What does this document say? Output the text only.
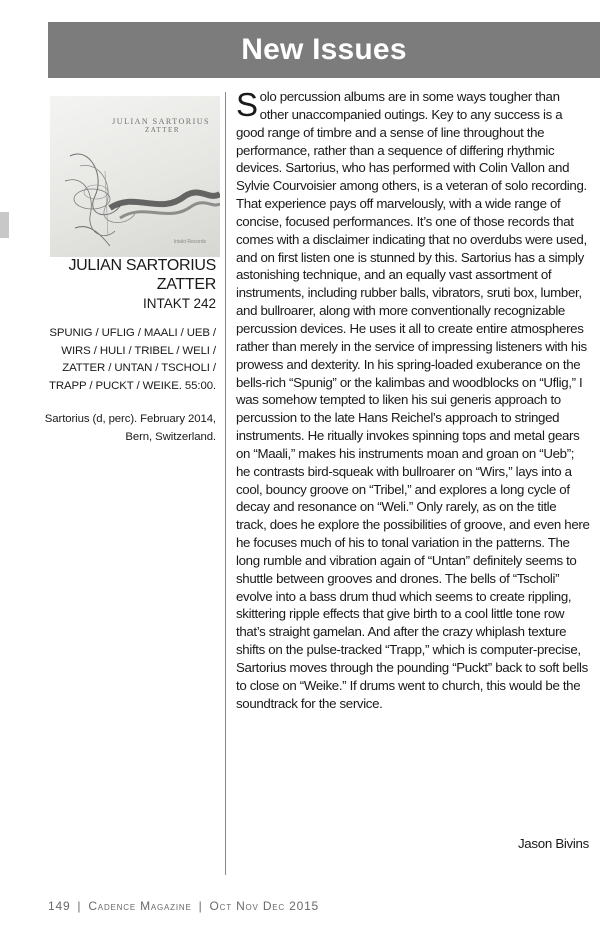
New Issues
JULIAN SARTORIUS
ZATTER
Intakt Records
JULIAN SARTORIUS
ZATTER
INTAKT 242
SPUNIG / UFLIG / MAALI / UEB / WIRS / HULI / TRIBEL / WELI / ZATTER / UNTAN / TSCHOLI / TRAPP / PUCKT / WEIKE. 55:00.
Sartorius (d, perc). February 2014, Bern, Switzerland.

Solo percussion albums are in some ways tougher than other unaccompanied outings. Key to any success is a good range of timbre and a sense of line throughout the performance, rather than a sequence of differing rhythmic devices. Sartorius, who has performed with Colin Vallon and Sylvie Courvoisier among others, is a veteran of solo recording. That experience pays off marvelously, with a wide range of concise, focused performances. It’s one of those records that comes with a disclaimer indicating that no overdubs were used, and on first listen one is stunned by this. Sartorius has a simply astonishing technique, and an equally vast assortment of instruments, including rubber balls, vibrators, sruti box, lumber, and bullroarer, along with more conventionally recognizable percussion devices. He uses it all to create entire atmospheres rather than merely in the service of impressing listeners with his prowess and dexterity. In his spring-loaded exuberance on the bells-rich “Spunig” or the kalimbas and woodblocks on “Uflig,” I was somehow tempted to liken his sui generis approach to percussion to the late Hans Reichel’s approach to stringed instruments. He ritually invokes spinning tops and metal gears on “Maali,” makes his instruments moan and groan on “Ueb”; he contrasts bird-squeak with bullroarer on “Wirs,” lays into a cool, bouncy groove on “Tribel,” and explores a long cycle of decay and resonance on “Weli.” Only rarely, as on the title track, does he explore the possibilities of groove, and even here he focuses much of his to tonal variation in the patterns. The long rumble and vibration again of “Untan” definitely seems to shuttle between grooves and drones. The bells of “Tscholi” evolve into a bass drum thud which seems to create rippling, skittering ripple effects that give birth to a cool little tone row that’s straight gamelan. And after the crazy whiplash texture shifts on the pulse-tracked “Trapp,” which is computer-precise, Sartorius moves through the pounding “Puckt” back to soft bells to close on “Weike.” If drums went to church, this would be the soundtrack for the service.

Jason Bivins
149 | Cadence Magazine | Oct Nov Dec 2015
